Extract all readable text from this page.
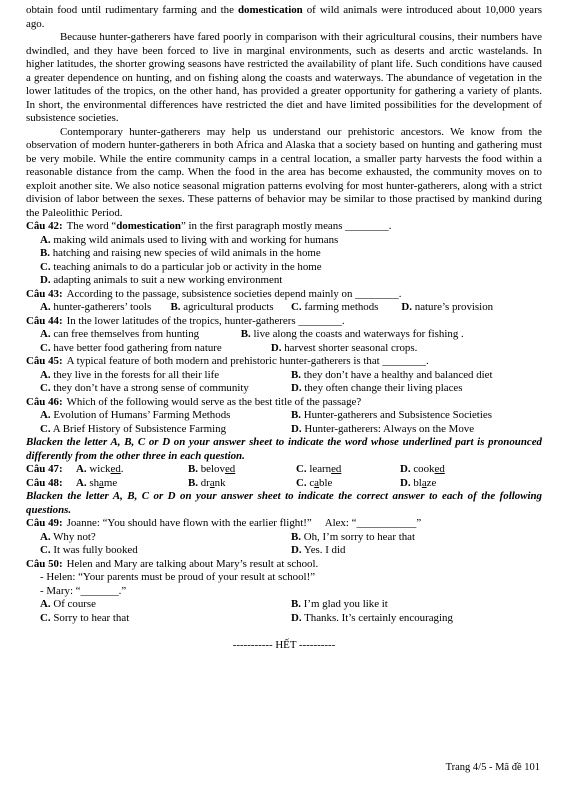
obtain food until rudimentary farming and the domestication of wild animals were introduced about 10,000 years ago.

Because hunter-gatherers have fared poorly in comparison with their agricultural cousins, their numbers have dwindled, and they have been forced to live in marginal environments, such as deserts and arctic wastelands. In higher latitudes, the shorter growing seasons have restricted the availability of plant life. Such conditions have caused a greater dependence on hunting, and on fishing along the coasts and waterways. The abundance of vegetation in the lower latitudes of the tropics, on the other hand, has provided a greater opportunity for gathering a variety of plants. In short, the environmental differences have restricted the diet and have limited possibilities for the development of subsistence societies.

Contemporary hunter-gatherers may help us understand our prehistoric ancestors. We know from the observation of modern hunter-gatherers in both Africa and Alaska that a society based on hunting and gathering must be very mobile. While the entire community camps in a central location, a smaller party harvests the food within a reasonable distance from the camp. When the food in the area has become exhausted, the community moves on to exploit another site. We also notice seasonal migration patterns evolving for most hunter-gatherers, along with a strict division of labor between the sexes. These patterns of behavior may be similar to those practised by mankind during the Paleolithic Period.

Câu 42: The word “domestication” in the first paragraph mostly means ________.
A. making wild animals used to living with and working for humans
B. hatching and raising new species of wild animals in the home
C. teaching animals to do a particular job or activity in the home
D. adapting animals to suit a new working environment
Câu 43: According to the passage, subsistence societies depend mainly on ________.
A. hunter-gatherers’ tools	B. agricultural products	C. farming methods	D. nature’s provision
Câu 44: In the lower latitudes of the tropics, hunter-gatherers ________.
A. can free themselves from hunting	B. live along the coasts and waterways for fishing .
C. have better food gathering from nature	D. harvest shorter seasonal crops.
Câu 45: A typical feature of both modern and prehistoric hunter-gatherers is that ________.
A. they live in the forests for all their life	B. they don’t have a healthy and balanced diet
C. they don’t have a strong sense of community	D. they often change their living places
Câu 46: Which of the following would serve as the best title of the passage?
A. Evolution of Humans’ Farming Methods	B. Hunter-gatherers and Subsistence Societies
C. A Brief History of Subsistence Farming	D. Hunter-gatherers: Always on the Move

Blacken the letter A, B, C or D on your answer sheet to indicate the word whose underlined part is pronounced differently from the other three in each question.

Câu 47:	A. wicked.	B. beloved	C. learned	D. cooked
Câu 48:	A. shame	B. drank	C. cable	D. blaze

Blacken the letter A, B, C or D on your answer sheet to indicate the correct answer to each of the following questions.

Câu 49: Joanne: “You should have flown with the earlier flight!”     Alex: “___________”
A. Why not?	B. Oh, I’m sorry to hear that
C. It was fully booked	D. Yes. I did
Câu 50: Helen and Mary are talking about Mary’s result at school.
- Helen: “Your parents must be proud of your result at school!”
- Mary: “_______.”
A. Of course	B. I’m glad you like it
C. Sorry to hear that	D. Thanks. It’s certainly encouraging
----------- HẾT ----------
Trang 4/5 - Mã đề 101
